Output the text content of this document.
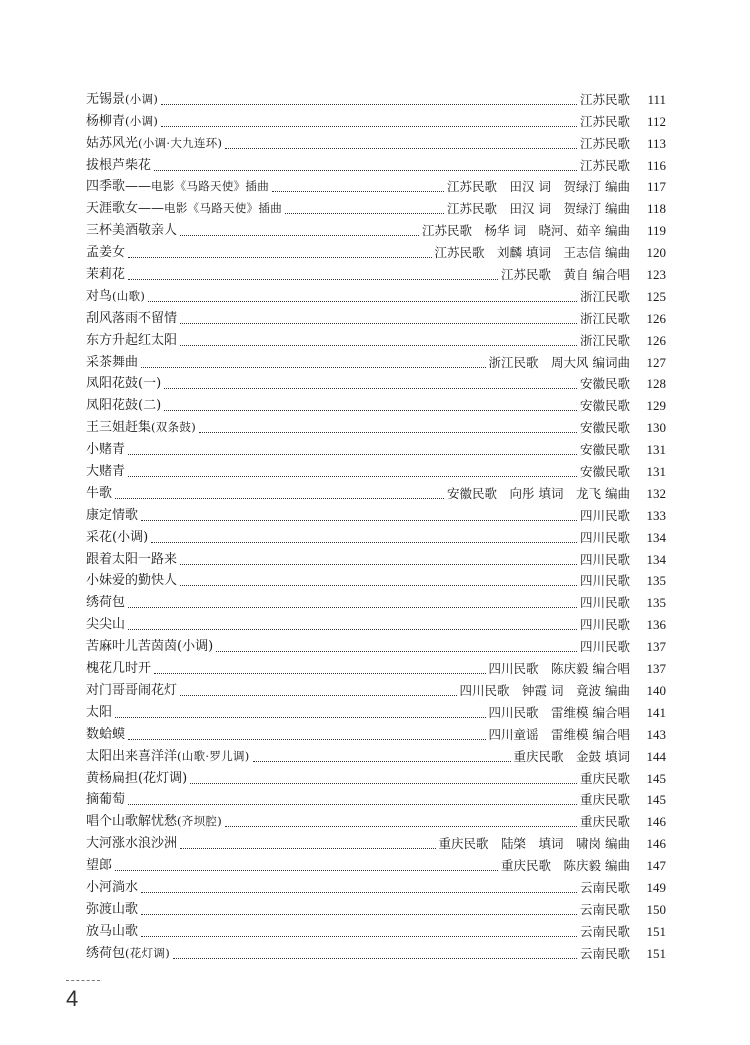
无锡景(小调)	江苏民歌	111
杨柳青(小调)	江苏民歌	112
姑苏风光(小调·大九连环)	江苏民歌	113
拔根芦柴花	江苏民歌	116
四季歌——电影《马路天使》插曲	江苏民歌　田汉 词　贺绿汀 编曲	117
天涯歌女——电影《马路天使》插曲	江苏民歌　田汉 词　贺绿汀 编曲	118
三杯美酒敬亲人	江苏民歌　杨华 词　晓河、茹辛 编曲	119
孟姜女	江苏民歌　刘麟 填词　王志信 编曲	120
茉莉花	江苏民歌　黄自 编合唱	123
对鸟(山歌)	浙江民歌	125
刮风落雨不留情	浙江民歌	126
东方升起红太阳	浙江民歌	126
采茶舞曲	浙江民歌　周大风 编词曲	127
凤阳花鼓(一)	安徽民歌	128
凤阳花鼓(二)	安徽民歌	129
王三姐赶集(双条鼓)	安徽民歌	130
小赌青	安徽民歌	131
大赌青	安徽民歌	131
牛歌	安徽民歌　向彤 填词　龙飞 编曲	132
康定情歌	四川民歌	133
采花(小调)	四川民歌	134
跟着太阳一路来	四川民歌	134
小妹爱的勤快人	四川民歌	135
绣荷包	四川民歌	135
尖尖山	四川民歌	136
苦麻叶儿苦茵茵(小调)	四川民歌	137
槐花几时开	四川民歌　陈庆毅 编合唱	137
对门哥哥闹花灯	四川民歌　钟霞 词　竟波 编曲	140
太阳	四川民歌　雷维模 编合唱	141
数蛤蟆	四川童谣　雷维模 编合唱	143
太阳出来喜洋洋(山歌·罗儿调)	重庆民歌　金鼓 填词	144
黄杨扁担(花灯调)	重庆民歌	145
摘葡萄	重庆民歌	145
唱个山歌解忧愁(齐坝腔)	重庆民歌	146
大河涨水浪沙洲	重庆民歌　陆棨　填词　啸岗 编曲	146
望郎	重庆民歌　陈庆毅 编曲	147
小河淌水	云南民歌	149
弥渡山歌	云南民歌	150
放马山歌	云南民歌	151
绣荷包(花灯调)	云南民歌	151
4
